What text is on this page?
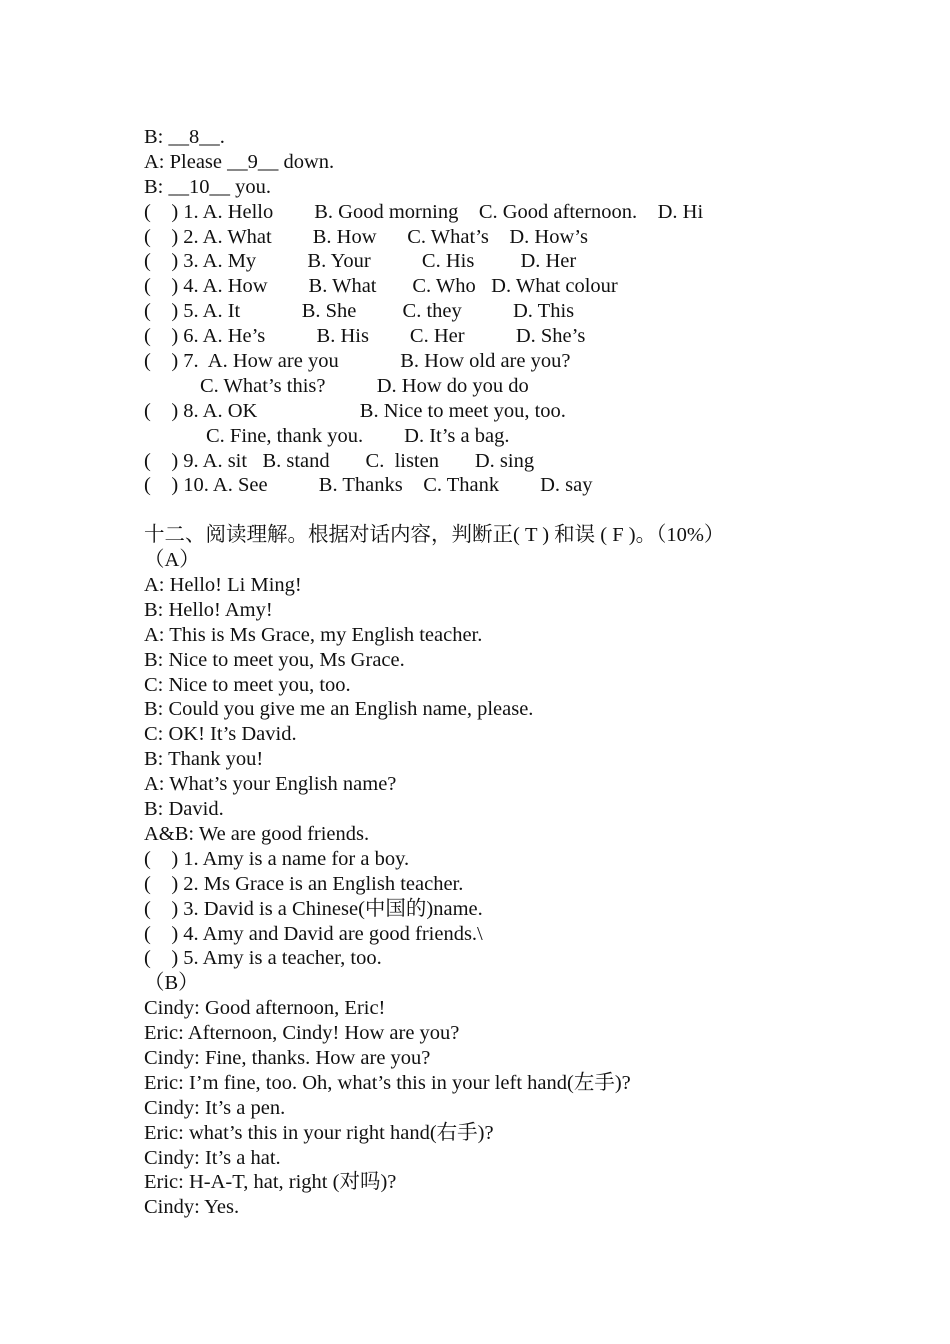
B: __8__.
A: Please __9__ down.
B: __10__ you.
(    ) 1. A. Hello        B. Good morning    C. Good afternoon.    D. Hi
(    ) 2. A. What        B. How      C. What’s    D. How’s
(    ) 3. A. My          B. Your          C. His         D. Her
(    ) 4. A. How        B. What       C. Who   D. What colour
(    ) 5. A. It            B. She         C. they          D. This
(    ) 6. A. He’s          B. His        C. Her          D. She’s
(    ) 7.  A. How are you            B. How old are you?
C. What’s this?          D. How do you do
(    ) 8. A. OK                    B. Nice to meet you, too.
C. Fine, thank you.        D. It’s a bag.
(    ) 9. A. sit   B. stand       C.  listen       D. sing
(    ) 10. A. See          B. Thanks    C. Thank        D. say
十二、阅读理解。根据对话内容，判断正( T ) 和误 ( F )。（10%）
（A）
A: Hello! Li Ming!
B: Hello! Amy!
A: This is Ms Grace, my English teacher.
B: Nice to meet you, Ms Grace.
C: Nice to meet you, too.
B: Could you give me an English name, please.
C: OK! It’s David.
B: Thank you!
A: What’s your English name?
B: David.
A&B: We are good friends.
(    ) 1. Amy is a name for a boy.
(    ) 2. Ms Grace is an English teacher.
(    ) 3. David is a Chinese(中国的)name.
(    ) 4. Amy and David are good friends.\
(    ) 5. Amy is a teacher, too.
（B）
Cindy: Good afternoon, Eric!
Eric: Afternoon, Cindy! How are you?
Cindy: Fine, thanks. How are you?
Eric: I’m fine, too. Oh, what’s this in your left hand(左手)?
Cindy: It’s a pen.
Eric: what’s this in your right hand(右手)?
Cindy: It’s a hat.
Eric: H-A-T, hat, right (对吗)?
Cindy: Yes.
